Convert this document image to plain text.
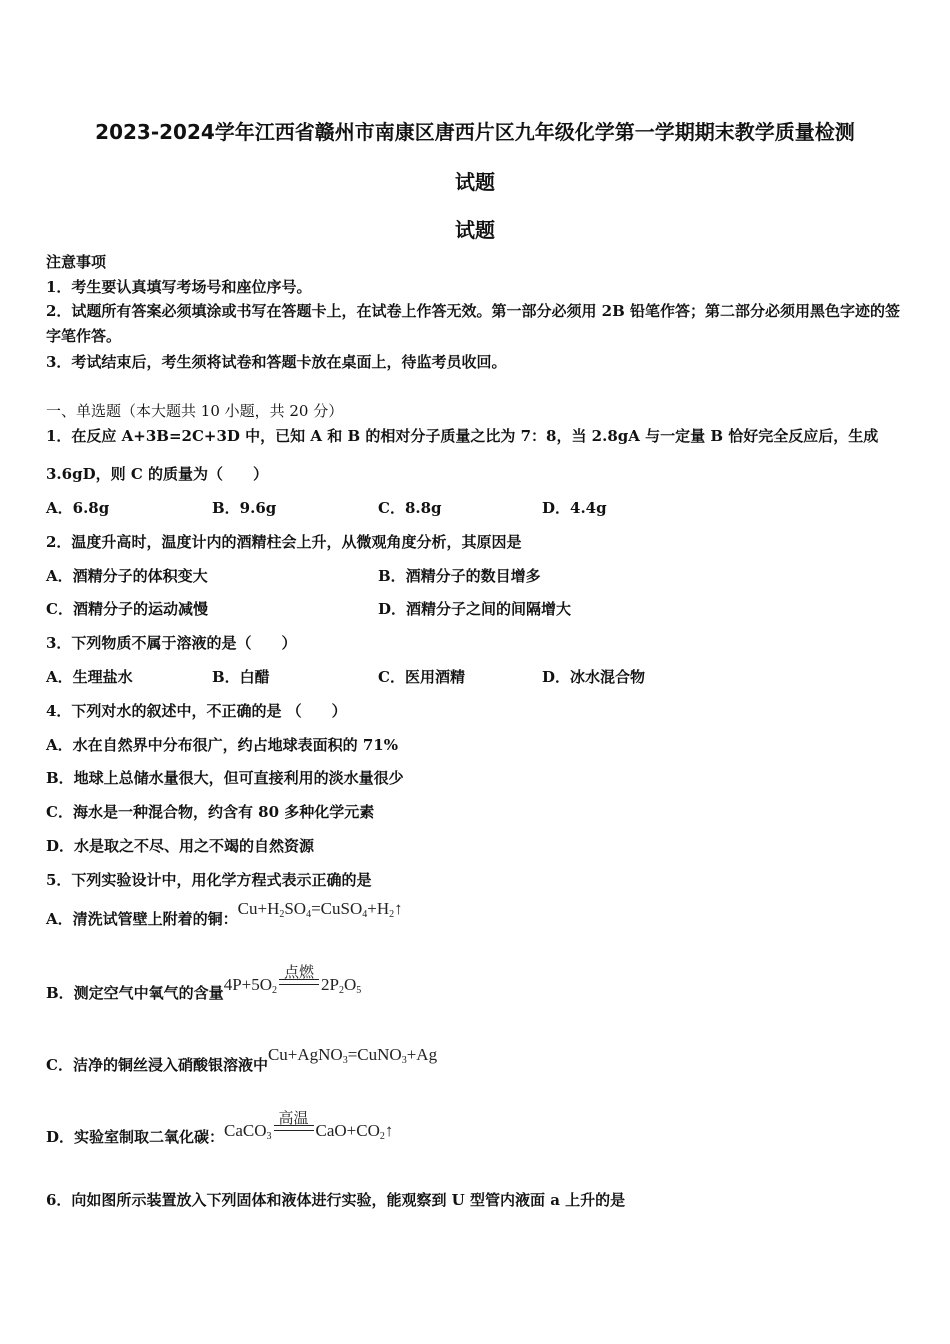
2023-2024学年江西省赣州市南康区唐西片区九年级化学第一学期期末教学质量检测
试题
试题
注意事项
1．考生要认真填写考场号和座位序号。
2．试题所有答案必须填涂或书写在答题卡上，在试卷上作答无效。第一部分必须用 2B 铅笔作答；第二部分必须用黑色字迹的签字笔作答。
3．考试结束后，考生须将试卷和答题卡放在桌面上，待监考员收回。
一、单选题（本大题共 10 小题，共 20 分）
1．在反应 A+3B=2C+3D 中，已知 A 和 B 的相对分子质量之比为 7：8，当 2.8gA 与一定量 B 恰好完全反应后，生成
3.6gD，则 C 的质量为（　　）
A．6.8g	B．9.6g	C．8.8g	D．4.4g
2．温度升高时，温度计内的酒精柱会上升，从微观角度分析，其原因是
A．酒精分子的体积变大	B．酒精分子的数目增多
C．酒精分子的运动减慢	D．酒精分子之间的间隔增大
3．下列物质不属于溶液的是（　　）
A．生理盐水	B．白醋	C．医用酒精	D．冰水混合物
4．下列对水的叙述中，不正确的是 （　　）
A．水在自然界中分布很广，约占地球表面积的 71%
B．地球上总储水量很大，但可直接利用的淡水量很少
C．海水是一种混合物，约含有 80 多种化学元素
D．水是取之不尽、用之不竭的自然资源
5．下列实验设计中，用化学方程式表示正确的是
A．清洗试管壁上附着的铜：$Cu+H_2SO_4=CuSO_4+H_2↑$
B．测定空气中氧气的含量$4P+5O_2$
点燃
$2P_2O_5$
C．洁净的铜丝浸入硝酸银溶液中Cu+AgNO$_3$=CuNO$_3$+Ag
D．实验室制取二氧化碳：CaCO$_3$
高温
$CaO+CO_2↑$
6．向如图所示装置放入下列固体和液体进行实验，能观察到 U 型管内液面 a 上升的是
